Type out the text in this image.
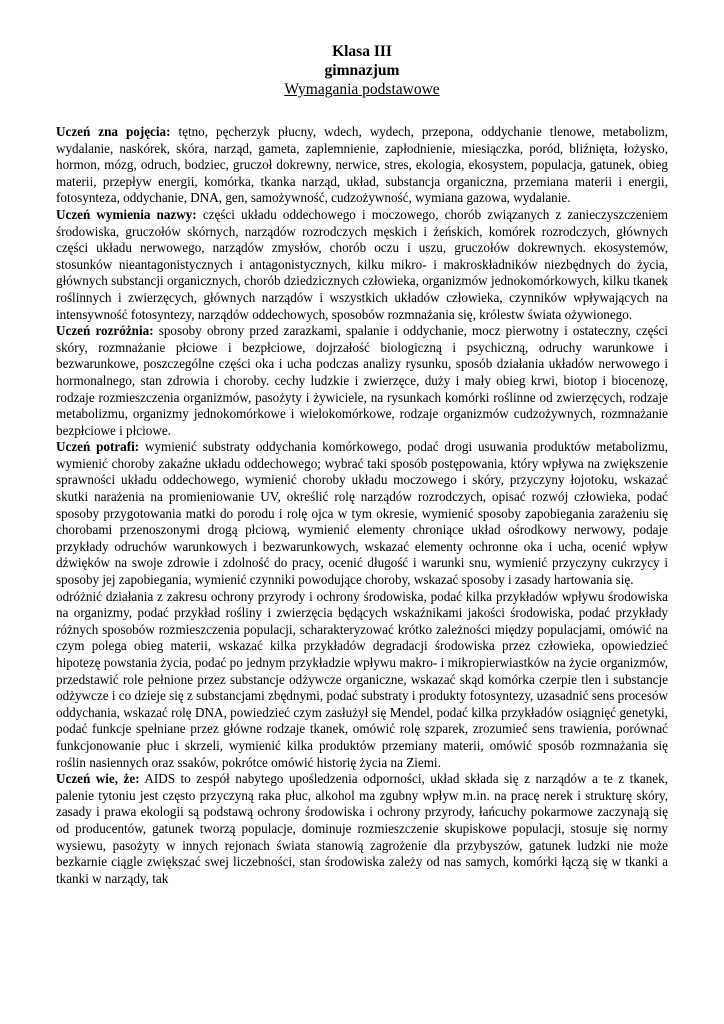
Klasa III

gimnazjum

Wymagania podstawowe

Uczeń zna pojęcia: tętno, pęcherzyk płucny, wdech, wydech, przepona, oddychanie tlenowe, metabolizm, wydalanie, naskórek, skóra, narząd, gameta, zaplemnienie, zapłodnienie, miesiączka, poród, bliźnięta, łożysko, hormon, mózg, odruch, bodziec, gruczoł dokrewny, nerwice, stres, ekologia, ekosystem, populacja, gatunek, obieg materii, przepływ energii, komórka, tkanka narząd, układ, substancja organiczna, przemiana materii i energii, fotosynteza, oddychanie, DNA, gen, samożywność, cudzożywność, wymiana gazowa, wydalanie.

Uczeń wymienia nazwy: części układu oddechowego i moczowego, chorób związanych z zanieczyszczeniem środowiska, gruczołów skórnych, narządów rozrodczych męskich i żeńskich, komórek rozrodczych, głównych części układu nerwowego, narządów zmysłów, chorób oczu i uszu, gruczołów dokrewnych. ekosystemów, stosunków nieantagonistycznych i antagonistycznych, kilku mikro- i makroskładników niezbędnych do życia, głównych substancji organicznych, chorób dziedzicznych człowieka, organizmów jednokomórkowych, kilku tkanek roślinnych i zwierzęcych, głównych narządów i wszystkich układów człowieka, czynników wpływających na intensywność fotosyntezy, narządów oddechowych, sposobów rozmnażania się, królestw świata ożywionego.

Uczeń rozróżnia: sposoby obrony przed zarazkami, spalanie i oddychanie, mocz pierwotny i ostateczny, części skóry, rozmnażanie płciowe i bezpłciowe, dojrzałość biologiczną i psychiczną, odruchy warunkowe i bezwarunkowe, poszczególne części oka i ucha podczas analizy rysunku, sposób działania układów nerwowego i hormonalnego, stan zdrowia i choroby. cechy ludzkie i zwierzęce, duży i mały obieg krwi, biotop i biocenozę, rodzaje rozmieszczenia organizmów, pasożyty i żywiciele, na rysunkach komórki roślinne od zwierzęcych, rodzaje metabolizmu, organizmy jednokomórkowe i wielokomórkowe, rodzaje organizmów cudzożywnych, rozmnażanie bezpłciowe i płciowe.

Uczeń potrafi: wymienić substraty oddychania komórkowego, podać drogi usuwania produktów metabolizmu, wymienić choroby zakaźne układu oddechowego; wybrać taki sposób postępowania, który wpływa na zwiększenie sprawności układu oddechowego, wymienić choroby układu moczowego i skóry, przyczyny łojotoku, wskazać skutki narażenia na promieniowanie UV, określić rolę narządów rozrodczych, opisać rozwój człowieka, podać sposoby przygotowania matki do porodu i rolę ojca w tym okresie, wymienić sposoby zapobiegania zarażeniu się chorobami przenoszonymi drogą płciową, wymienić elementy chroniące układ ośrodkowy nerwowy, podaje przykłady odruchów warunkowych i bezwarunkowych, wskazać elementy ochronne oka i ucha, ocenić wpływ dźwięków na swoje zdrowie i zdolność do pracy, ocenić długość i warunki snu, wymienić przyczyny cukrzycy i sposoby jej zapobiegania, wymienić czynniki powodujące choroby, wskazać sposoby i zasady hartowania się.

odróżnić działania z zakresu ochrony przyrody i ochrony środowiska, podać kilka przykładów wpływu środowiska na organizmy, podać przykład rośliny i zwierzęcia będących wskaźnikami jakości środowiska, podać przykłady różnych sposobów rozmieszczenia populacji, scharakteryzować krótko zależności między populacjami, omówić na czym polega obieg materii, wskazać kilka przykładów degradacji środowiska przez człowieka, opowiedzieć hipotezę powstania życia, podać po jednym przykładzie wpływu makro- i mikropierwiastków na życie organizmów, przedstawić role pełnione przez substancje odżywcze organiczne, wskazać skąd komórka czerpie tlen i substancje odżywcze i co dzieje się z substancjami zbędnymi, podać substraty i produkty fotosyntezy, uzasadnić sens procesów oddychania, wskazać rolę DNA, powiedzieć czym zasłużył się Mendel, podać kilka przykładów osiągnięć genetyki, podać funkcje spełniane przez główne rodzaje tkanek, omówić rolę szparek, zrozumieć sens trawienia, porównać funkcjonowanie płuc i skrzeli, wymienić kilka produktów przemiany materii, omówić sposób rozmnażania się roślin nasiennych oraz ssaków, pokrótce omówić historię życia na Ziemi.

Uczeń wie, że: AIDS to zespół nabytego upośledzenia odporności, układ składa się z narządów a te z tkanek, palenie tytoniu jest często przyczyną raka płuc, alkohol ma zgubny wpływ m.in. na pracę nerek i strukturę skóry, zasady i prawa ekologii są podstawą ochrony środowiska i ochrony przyrody, łańcuchy pokarmowe zaczynają się od producentów, gatunek tworzą populacje, dominuje rozmieszczenie skupiskowe populacji, stosuje się normy wysiewu, pasożyty w innych rejonach świata stanowią zagrożenie dla przybyszów, gatunek ludzki nie może bezkarnie ciągle zwiększać swej liczebności, stan środowiska zależy od nas samych, komórki łączą się w tkanki a tkanki w narządy, tak
